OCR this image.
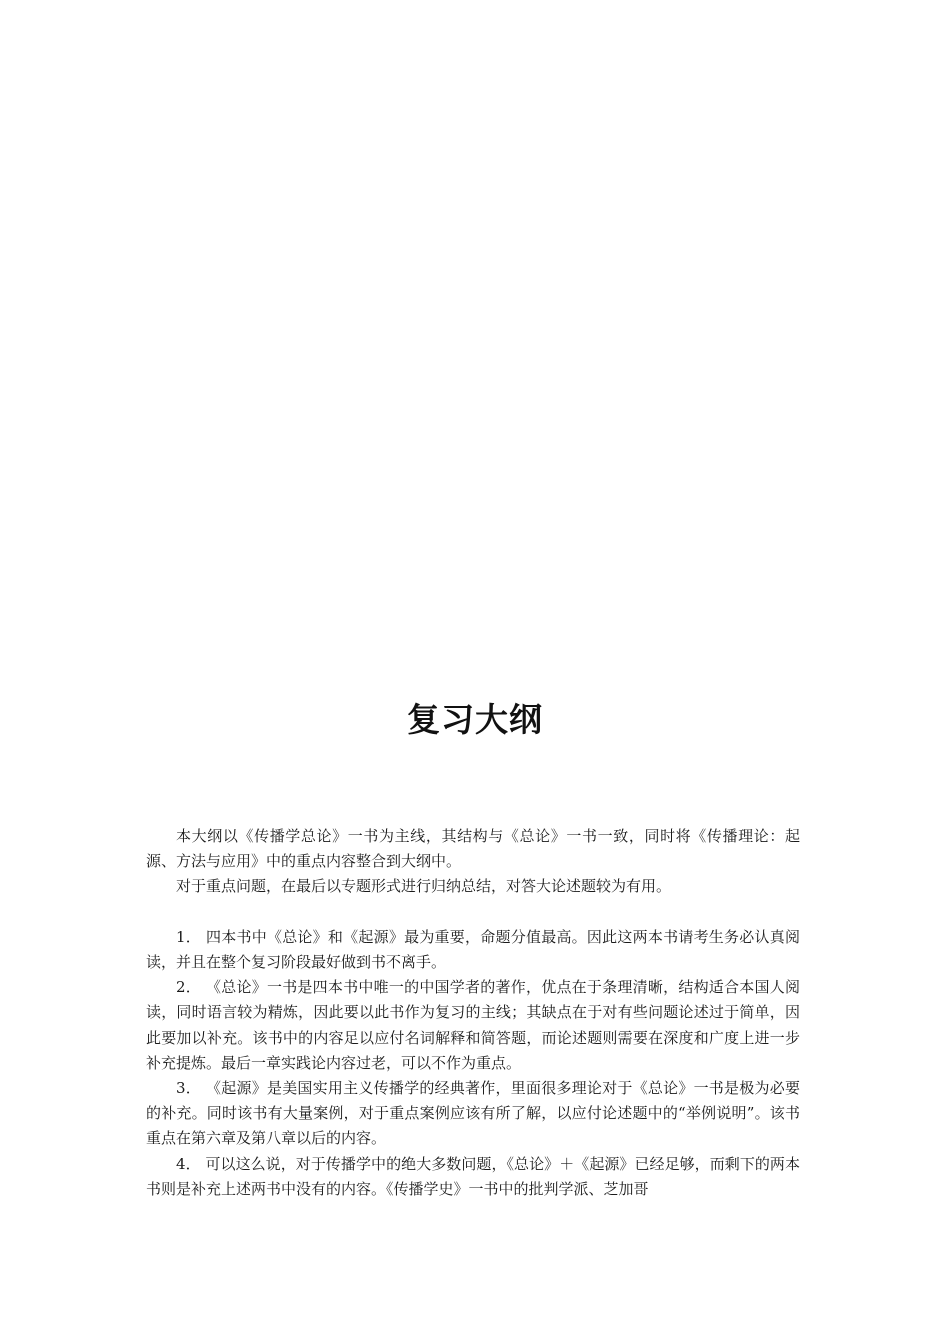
复习大纲

本大纲以《传播学总论》一书为主线，其结构与《总论》一书一致，同时将《传播理论：起源、方法与应用》中的重点内容整合到大纲中。

对于重点问题，在最后以专题形式进行归纳总结，对答大论述题较为有用。

1． 四本书中《总论》和《起源》最为重要，命题分值最高。因此这两本书请考生务必认真阅读，并且在整个复习阶段最好做到书不离手。

2． 《总论》一书是四本书中唯一的中国学者的著作，优点在于条理清晰，结构适合本国人阅读，同时语言较为精炼，因此要以此书作为复习的主线；其缺点在于对有些问题论述过于简单，因此要加以补充。该书中的内容足以应付名词解释和简答题，而论述题则需要在深度和广度上进一步补充提炼。最后一章实践论内容过老，可以不作为重点。

3． 《起源》是美国实用主义传播学的经典著作，里面很多理论对于《总论》一书是极为必要的补充。同时该书有大量案例，对于重点案例应该有所了解，以应付论述题中的“举例说明”。该书重点在第六章及第八章以后的内容。

4． 可以这么说，对于传播学中的绝大多数问题，《总论》＋《起源》已经足够，而剩下的两本书则是补充上述两书中没有的内容。《传播学史》一书中的批判学派、芝加哥
